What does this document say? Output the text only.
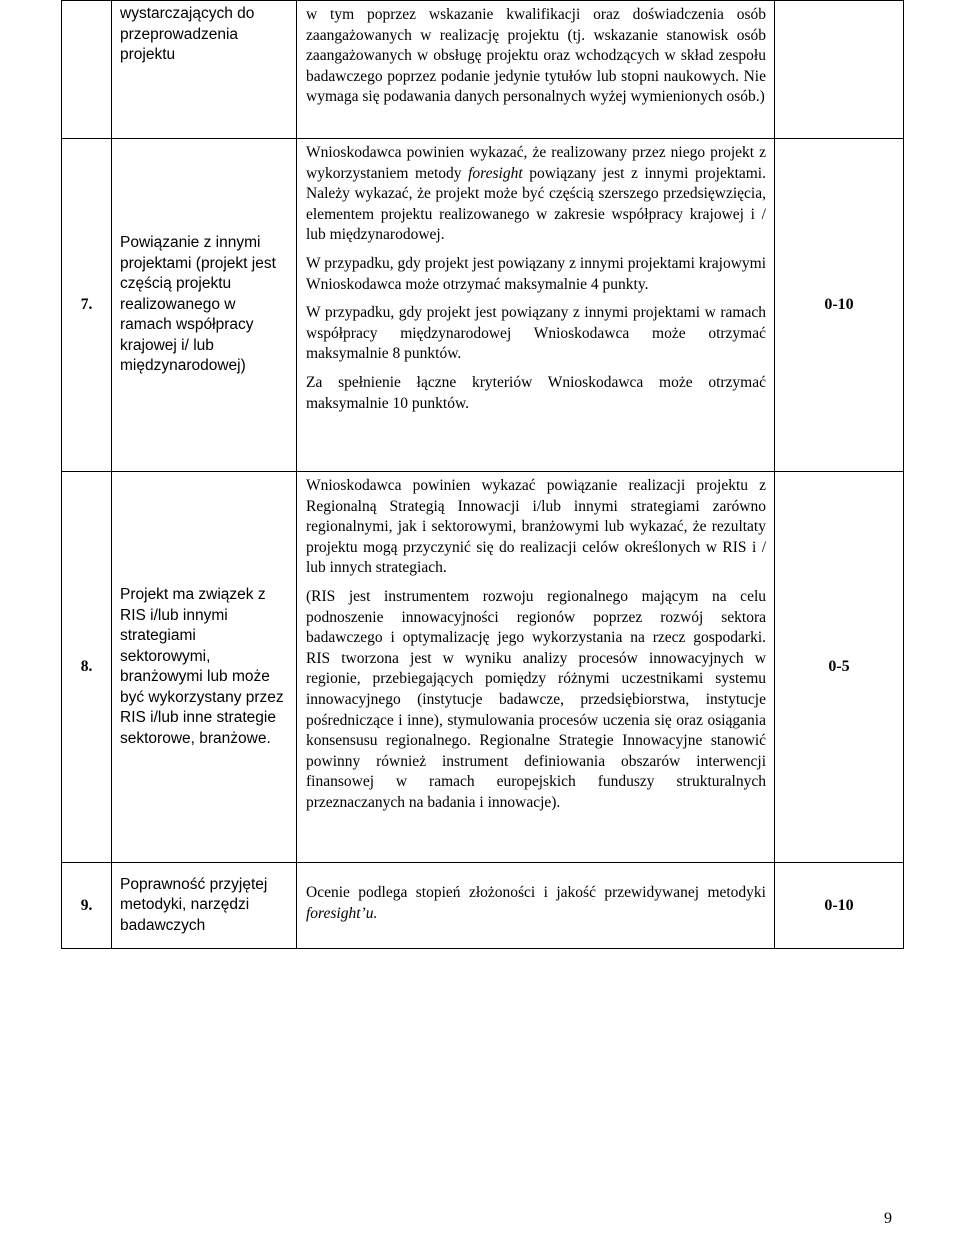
	wystarczających do przeprowadzenia projektu	w tym poprzez wskazanie kwalifikacji oraz doświadczenia osób zaangażowanych w realizację projektu (tj. wskazanie stanowisk osób zaangażowanych w obsługę projektu oraz wchodzących w skład zespołu badawczego poprzez podanie jedynie tytułów lub stopni naukowych. Nie wymaga się podawania danych personalnych wyżej wymienionych osób.)	

7.	Powiązanie z innymi projektami (projekt jest częścią projektu realizowanego w ramach współpracy krajowej i/ lub międzynarodowej)	Wnioskodawca powinien wykazać, że realizowany przez niego projekt z wykorzystaniem metody foresight powiązany jest z innymi projektami. Należy wykazać, że projekt może być częścią szerszego przedsięwzięcia, elementem projektu realizowanego w zakresie współpracy krajowej i / lub międzynarodowej.

W przypadku, gdy projekt jest powiązany z innymi projektami krajowymi Wnioskodawca może otrzymać maksymalnie 4 punkty.

W przypadku, gdy projekt jest powiązany z innymi projektami w ramach współpracy międzynarodowej Wnioskodawca może otrzymać maksymalnie 8 punktów.

Za spełnienie łączne kryteriów Wnioskodawca może otrzymać maksymalnie 10 punktów.	0-10
8.	Projekt ma związek z RIS i/lub innymi strategiami sektorowymi, branżowymi lub może być wykorzystany przez RIS i/lub inne strategie sektorowe, branżowe.	Wnioskodawca powinien wykazać powiązanie realizacji projektu z Regionalną Strategią Innowacji i/lub innymi strategiami zarówno regionalnymi, jak i sektorowymi, branżowymi lub wykazać, że rezultaty projektu mogą przyczynić się do realizacji celów określonych w RIS i / lub innych strategiach.

(RIS jest instrumentem rozwoju regionalnego mającym na celu podnoszenie innowacyjności regionów poprzez rozwój sektora badawczego i optymalizację jego wykorzystania na rzecz gospodarki. RIS tworzona jest w wyniku analizy procesów innowacyjnych w regionie, przebiegających pomiędzy różnymi uczestnikami systemu innowacyjnego (instytucje badawcze, przedsiębiorstwa, instytucje pośredniczące i inne), stymulowania procesów uczenia się oraz osiągania konsensusu regionalnego. Regionalne Strategie Innowacyjne stanowić powinny również instrument definiowania obszarów interwencji finansowej w ramach europejskich funduszy strukturalnych przeznaczanych na badania i innowacje).	0-5
9.	Poprawność przyjętej metodyki, narzędzi badawczych	Ocenie podlega stopień złożoności i jakość przewidywanej metodyki foresight’u.	0-10
9
